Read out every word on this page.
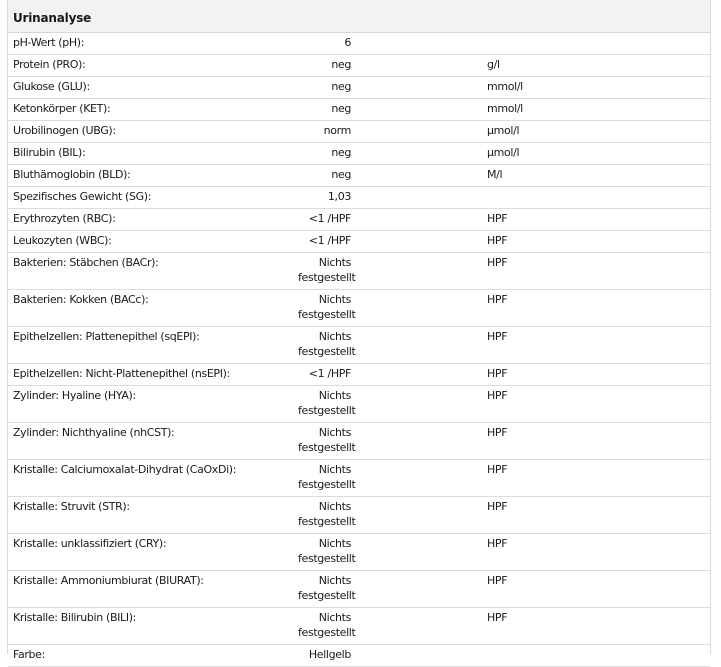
Urinanalyse
pH-Wert (pH):	6		

Protein (PRO):	neg		g/l
Glukose (GLU):	neg		mmol/l
Ketonkörper (KET):	neg		mmol/l
Urobilinogen (UBG):	norm		µmol/l
Bilirubin (BIL):	neg		µmol/l
Bluthämoglobin (BLD):	neg		M/l
Spezifisches Gewicht (SG):	1,03		

Erythrozyten (RBC):	<1 /HPF		HPF
Leukozyten (WBC):	<1 /HPF		HPF
Bakterien: Stäbchen (BACr):	Nichts
festgestellt		HPF
Bakterien: Kokken (BACc):	Nichts
festgestellt		HPF
Epithelzellen: Plattenepithel (sqEPI):	Nichts
festgestellt		HPF
Epithelzellen: Nicht-Plattenepithel (nsEPI):	<1 /HPF		HPF
Zylinder: Hyaline (HYA):	Nichts
festgestellt		HPF
Zylinder: Nichthyaline (nhCST):	Nichts
festgestellt		HPF
Kristalle: Calciumoxalat-Dihydrat (CaOxDi):	Nichts
festgestellt		HPF
Kristalle: Struvit (STR):	Nichts
festgestellt		HPF
Kristalle: unklassifiziert (CRY):	Nichts
festgestellt		HPF
Kristalle: Ammoniumbiurat (BIURAT):	Nichts
festgestellt		HPF
Kristalle: Bilirubin (BILI):	Nichts
festgestellt		HPF
Farbe:	Hellgelb		
